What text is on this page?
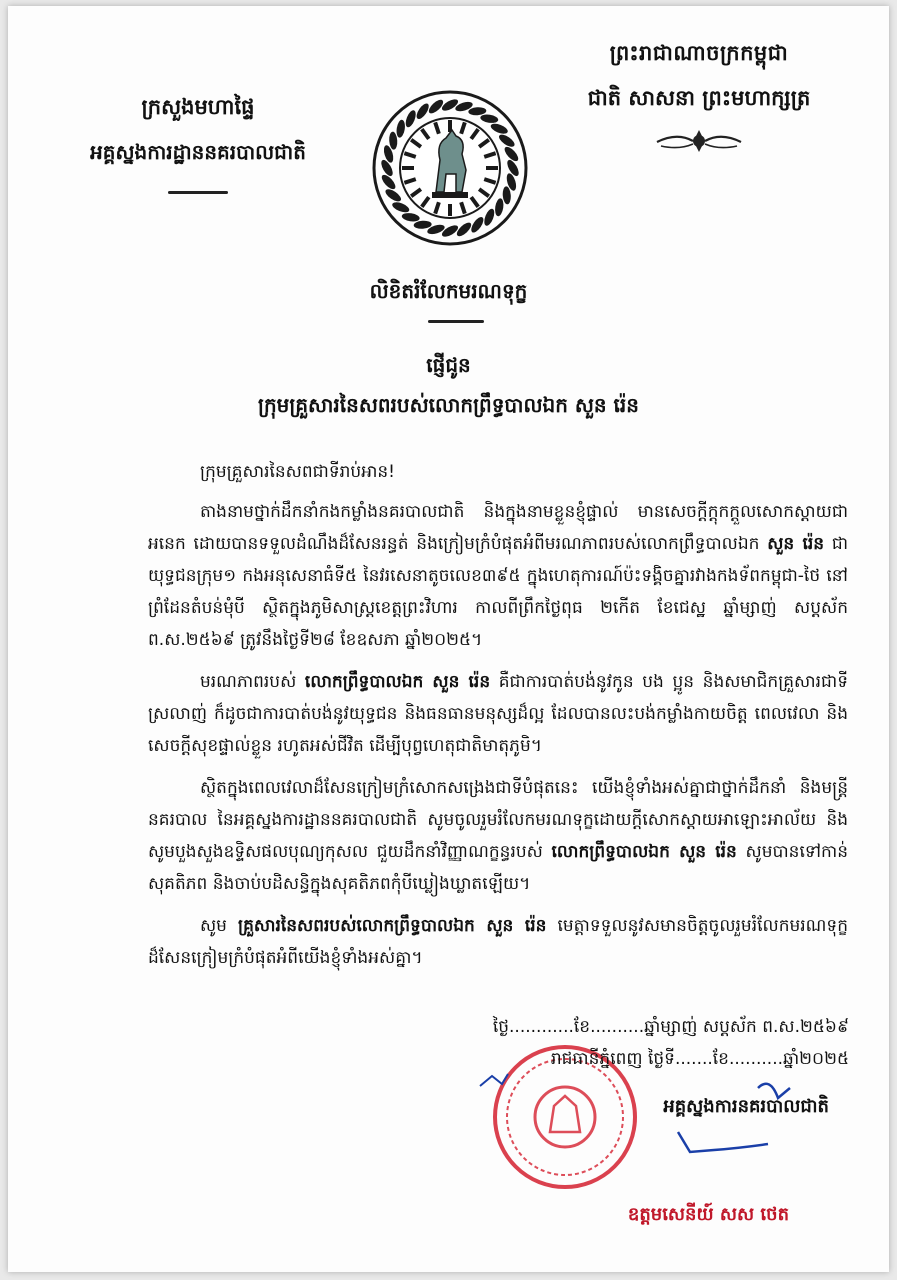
ព្រះរាជាណាចក្រកម្ពុជា
ជាតិ សាសនា ព្រះមហាក្សត្រ
ក្រសួងមហាផ្ទៃ
អគ្គស្នងការដ្ឋាននគរបាលជាតិ
លិខិតរំលែកមរណទុក្ខ
ផ្ញើជូន
ក្រុមគ្រួសារនៃសពរបស់លោកព្រឹទ្ធបាលឯក សួន រ៉េន
ក្រុមគ្រួសារនៃសពជាទីរាប់អាន!

តាងនាមថ្នាក់ដឹកនាំកងកម្លាំងនគរបាលជាតិ និងក្នុងនាមខ្លួនខ្ញុំផ្ទាល់ មានសេចក្តីក្តុកក្តួលសោកស្តាយជាអនេក ដោយបានទទួលដំណឹងដ៏សែនរន្ធត់ និងក្រៀមក្រំបំផុតអំពីមរណភាពរបស់លោកព្រឹទ្ធបាលឯក សួន រ៉េន ជាយុទ្ធជនក្រុម១ កងអនុសេនាធំទី៥ នៃវរសេនាតូចលេខ៣៩៥ ក្នុងហេតុការណ៍ប៉ះទង្គិចគ្នារវាងកងទ័ពកម្ពុជា-ថៃ នៅព្រំដែនតំបន់មុំបី ស្ថិតក្នុងភូមិសាស្ត្រខេត្តព្រះវិហារ កាលពីព្រឹកថ្ងៃពុធ ២កើត ខែជេស្ឋ ឆ្នាំម្សាញ់ សប្តស័ក ព.ស.២៥៦៩ ត្រូវនឹងថ្ងៃទី២៨ ខែឧសភា ឆ្នាំ២០២៥។

មរណភាពរបស់ លោកព្រឹទ្ធបាលឯក សួន រ៉េន គឺជាការបាត់បង់នូវកូន បង ប្អូន និងសមាជិកគ្រួសារជាទីស្រលាញ់ ក៏ដូចជាការបាត់បង់នូវយុទ្ធជន និងធនធានមនុស្សដ៏ល្អ ដែលបានលះបង់កម្លាំងកាយចិត្ត ពេលវេលា និងសេចក្តីសុខផ្ទាល់ខ្លួន រហូតអស់ជីវិត ដើម្បីបុព្វហេតុជាតិមាតុភូមិ។

ស្ថិតក្នុងពេលវេលាដ៏សែនក្រៀមក្រំសោកសង្រេងជាទីបំផុតនេះ យើងខ្ញុំទាំងអស់គ្នាជាថ្នាក់ដឹកនាំ និងមន្ត្រីនគរបាល នៃអគ្គស្នងការដ្ឋាននគរបាលជាតិ សូមចូលរួមរំលែកមរណទុក្ខដោយក្តីសោកស្តាយអាឡោះអាល័យ និងសូមបួងសួងឧទ្ទិសផលបុណ្យកុសល ជួយដឹកនាំវិញ្ញាណក្ខន្ធរបស់ លោកព្រឹទ្ធបាលឯក សួន រ៉េន សូមបានទៅកាន់សុគតិភព និងចាប់បដិសន្ធិក្នុងសុគតិភពកុំបីឃ្លៀងឃ្លាតឡើយ។

សូម គ្រួសារនៃសពរបស់លោកព្រឹទ្ធបាលឯក សួន រ៉េន មេត្តាទទួលនូវសមានចិត្តចូលរួមរំលែកមរណទុក្ខដ៏សែនក្រៀមក្រំបំផុតអំពីយើងខ្ញុំទាំងអស់គ្នា។

ថ្ងៃ............ខែ..........ឆ្នាំម្សាញ់ សប្តស័ក ព.ស.២៥៦៩
រាជធានីភ្នំពេញ ថ្ងៃទី.......ខែ..........ឆ្នាំ២០២៥
អគ្គស្នងការនគរបាលជាតិ
ឧត្តមសេនីយ៍ សស ថេត
